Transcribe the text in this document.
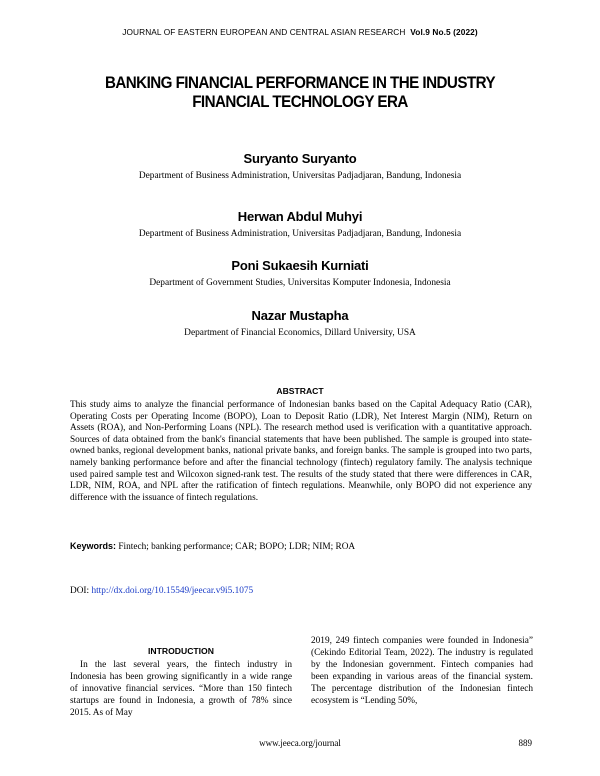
JOURNAL OF EASTERN EUROPEAN AND CENTRAL ASIAN RESEARCH Vol.9 No.5 (2022)
BANKING FINANCIAL PERFORMANCE IN THE INDUSTRY
FINANCIAL TECHNOLOGY ERA
Suryanto Suryanto
Department of Business Administration, Universitas Padjadjaran, Bandung, Indonesia
Herwan Abdul Muhyi
Department of Business Administration, Universitas Padjadjaran, Bandung, Indonesia
Poni Sukaesih Kurniati
Department of Government Studies, Universitas Komputer Indonesia, Indonesia
Nazar Mustapha
Department of Financial Economics, Dillard University, USA
ABSTRACT
This study aims to analyze the financial performance of Indonesian banks based on the Capital Adequacy Ratio (CAR), Operating Costs per Operating Income (BOPO), Loan to Deposit Ratio (LDR), Net Interest Margin (NIM), Return on Assets (ROA), and Non-Performing Loans (NPL). The research method used is verification with a quantitative approach. Sources of data obtained from the bank's financial statements that have been published. The sample is grouped into state-owned banks, regional development banks, national private banks, and foreign banks. The sample is grouped into two parts, namely banking performance before and after the financial technology (fintech) regulatory family. The analysis technique used paired sample test and Wilcoxon signed-rank test. The results of the study stated that there were differences in CAR, LDR, NIM, ROA, and NPL after the ratification of fintech regulations. Meanwhile, only BOPO did not experience any difference with the issuance of fintech regulations.
Keywords: Fintech; banking performance; CAR; BOPO; LDR; NIM; ROA
DOI: http://dx.doi.org/10.15549/jeecar.v9i5.1075
INTRODUCTION
In the last several years, the fintech industry in Indonesia has been growing significantly in a wide range of innovative financial services. “More than 150 fintech startups are found in Indonesia, a growth of 78% since 2015. As of May
2019, 249 fintech companies were founded in Indonesia” (Cekindo Editorial Team, 2022). The industry is regulated by the Indonesian government. Fintech companies had been expanding in various areas of the financial system. The percentage distribution of the Indonesian fintech ecosystem is “Lending 50%,
www.jeeca.org/journal	889
